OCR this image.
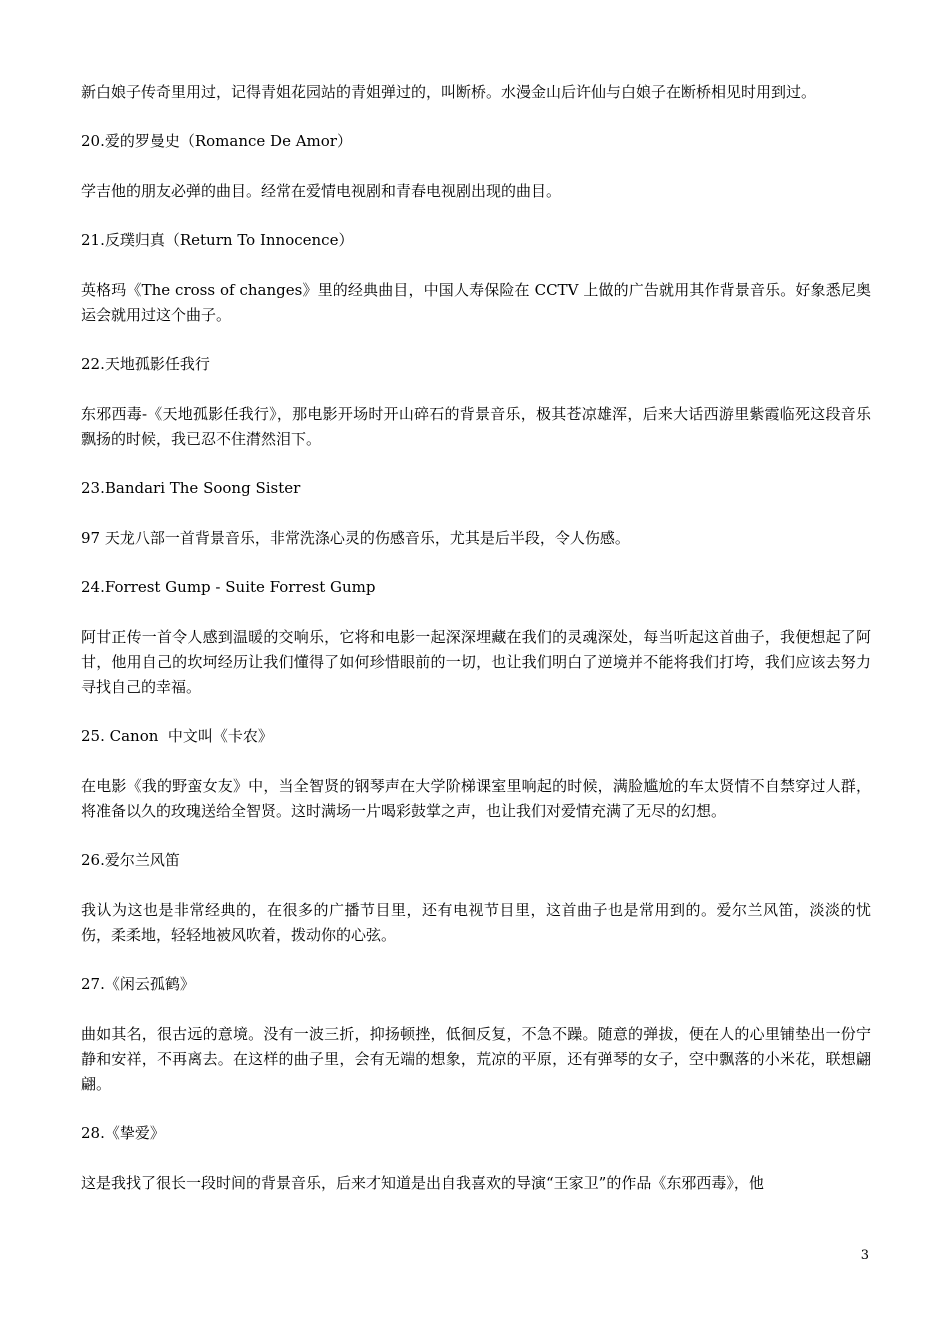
新白娘子传奇里用过，记得青姐花园站的青姐弹过的，叫断桥。水漫金山后许仙与白娘子在断桥相见时用到过。

20.爱的罗曼史（Romance De Amor）

学吉他的朋友必弹的曲目。经常在爱情电视剧和青春电视剧出现的曲目。

21.反璞归真（Return To Innocence）

英格玛《The cross of changes》里的经典曲目，中国人寿保险在 CCTV 上做的广告就用其作背景音乐。好象悉尼奥运会就用过这个曲子。

22.天地孤影任我行

东邪西毒-《天地孤影任我行》，那电影开场时开山碎石的背景音乐，极其苍凉雄浑，后来大话西游里紫霞临死这段音乐飘扬的时候，我已忍不住潸然泪下。

23.Bandari The Soong Sister

97 天龙八部一首背景音乐，非常洗涤心灵的伤感音乐，尤其是后半段，令人伤感。

24.Forrest Gump - Suite Forrest Gump

阿甘正传一首令人感到温暖的交响乐，它将和电影一起深深埋藏在我们的灵魂深处，每当听起这首曲子，我便想起了阿甘，他用自己的坎坷经历让我们懂得了如何珍惜眼前的一切，也让我们明白了逆境并不能将我们打垮，我们应该去努力寻找自己的幸福。

25. Canon  中文叫《卡农》

在电影《我的野蛮女友》中，当全智贤的钢琴声在大学阶梯课室里响起的时候，满脸尴尬的车太贤情不自禁穿过人群，将准备以久的玫瑰送给全智贤。这时满场一片喝彩鼓掌之声，也让我们对爱情充满了无尽的幻想。

26.爱尔兰风笛

我认为这也是非常经典的，在很多的广播节目里，还有电视节目里，这首曲子也是常用到的。爱尔兰风笛，淡淡的忧伤，柔柔地，轻轻地被风吹着，拨动你的心弦。

27.《闲云孤鹤》

曲如其名，很古远的意境。没有一波三折，抑扬顿挫，低徊反复，不急不躁。随意的弹拔，便在人的心里铺垫出一份宁静和安祥，不再离去。在这样的曲子里，会有无端的想象，荒凉的平原，还有弹琴的女子，空中飘落的小米花，联想翩翩。

28.《挚爱》

这是我找了很长一段时间的背景音乐，后来才知道是出自我喜欢的导演“王家卫”的作品《东邪西毒》，他

3
